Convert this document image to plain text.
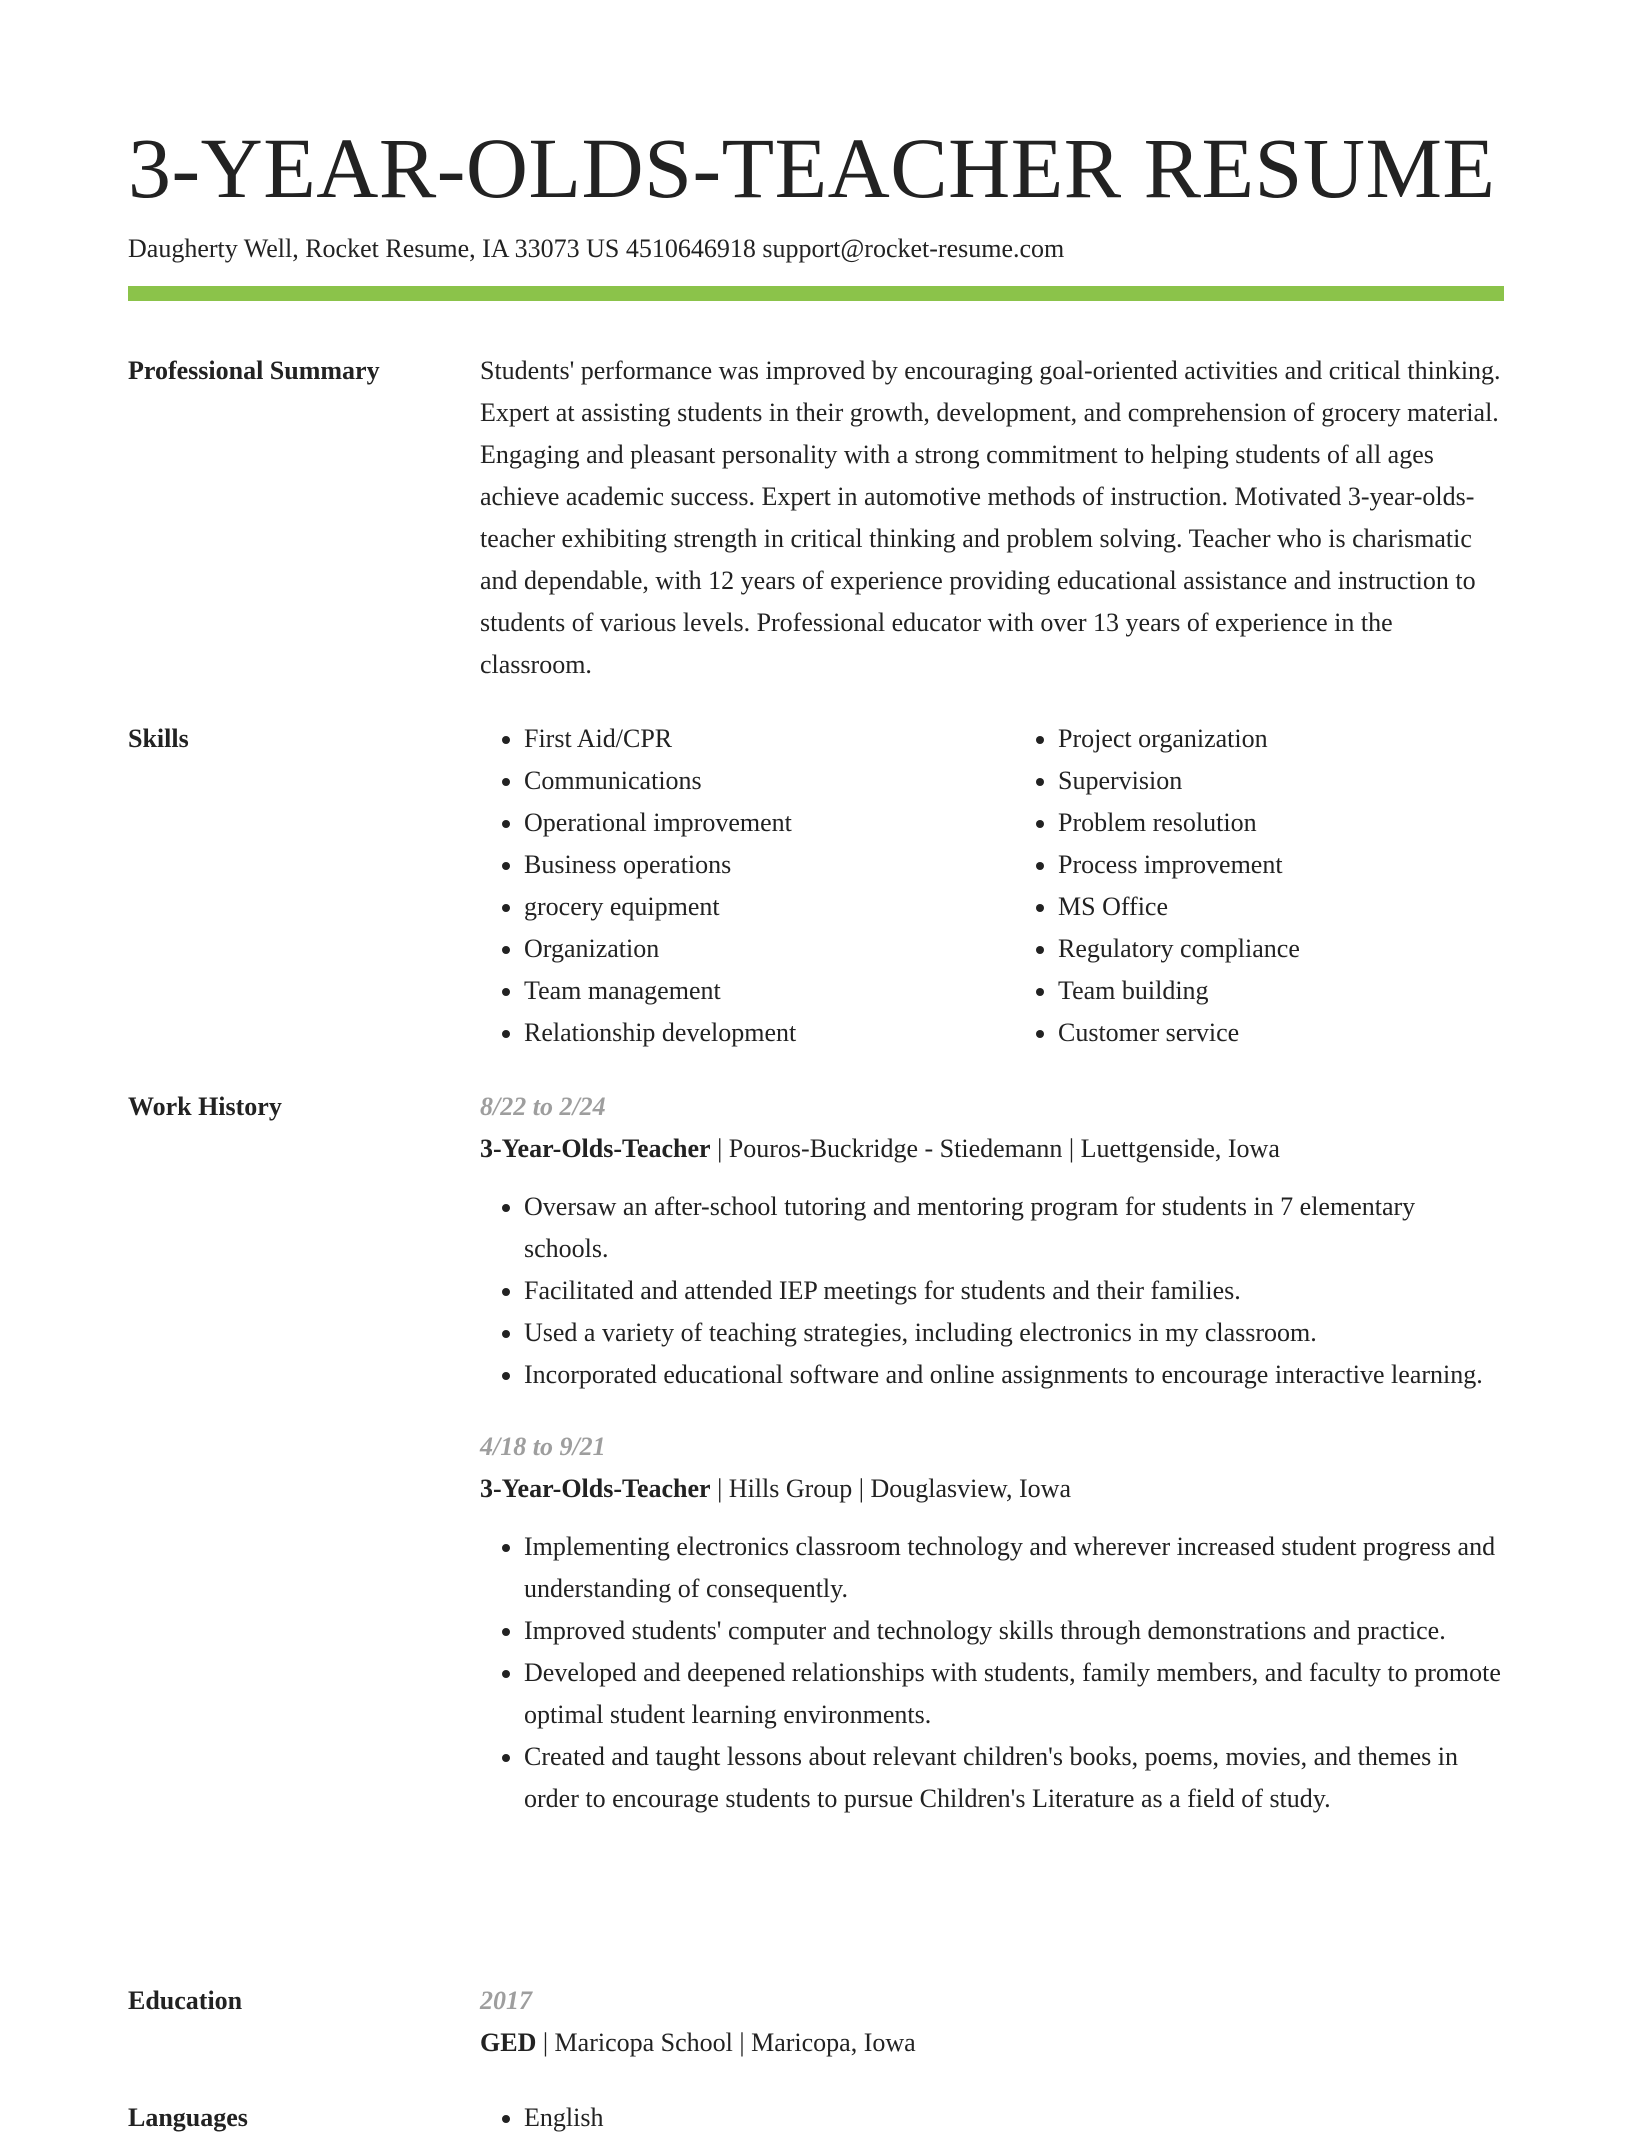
3-YEAR-OLDS-TEACHER RESUME
Daugherty Well, Rocket Resume, IA 33073 US 4510646918 support@rocket-resume.com
Professional Summary	Students' performance was improved by encouraging goal-oriented activities and critical thinking. Expert at assisting students in their growth, development, and comprehension of grocery material. Engaging and pleasant personality with a strong commitment to helping students of all ages achieve academic success. Expert in automotive methods of instruction. Motivated 3-year-olds-teacher exhibiting strength in critical thinking and problem solving. Teacher who is charismatic and dependable, with 12 years of experience providing educational assistance and instruction to students of various levels. Professional educator with over 13 years of experience in the classroom.

Skills	• First Aid/CPR
• Communications
• Operational improvement
• Business operations
• grocery equipment
• Organization
• Team management
• Relationship development
• Project organization
• Supervision
• Problem resolution
• Process improvement
• MS Office
• Regulatory compliance
• Team building
• Customer service
Work History	8/22 to 2/24
3-Year-Olds-Teacher | Pouros-Buckridge - Stiedemann | Luettgenside, Iowa
• Oversaw an after-school tutoring and mentoring program for students in 7 elementary schools.
• Facilitated and attended IEP meetings for students and their families.
• Used a variety of teaching strategies, including electronics in my classroom.
• Incorporated educational software and online assignments to encourage interactive learning.
4/18 to 9/21
3-Year-Olds-Teacher | Hills Group | Douglasview, Iowa
• Implementing electronics classroom technology and wherever increased student progress and understanding of consequently.
• Improved students' computer and technology skills through demonstrations and practice.
• Developed and deepened relationships with students, family members, and faculty to promote optimal student learning environments.
• Created and taught lessons about relevant children's books, poems, movies, and themes in order to encourage students to pursue Children's Literature as a field of study.
Education	2017
GED | Maricopa School | Maricopa, Iowa
Languages	• English
